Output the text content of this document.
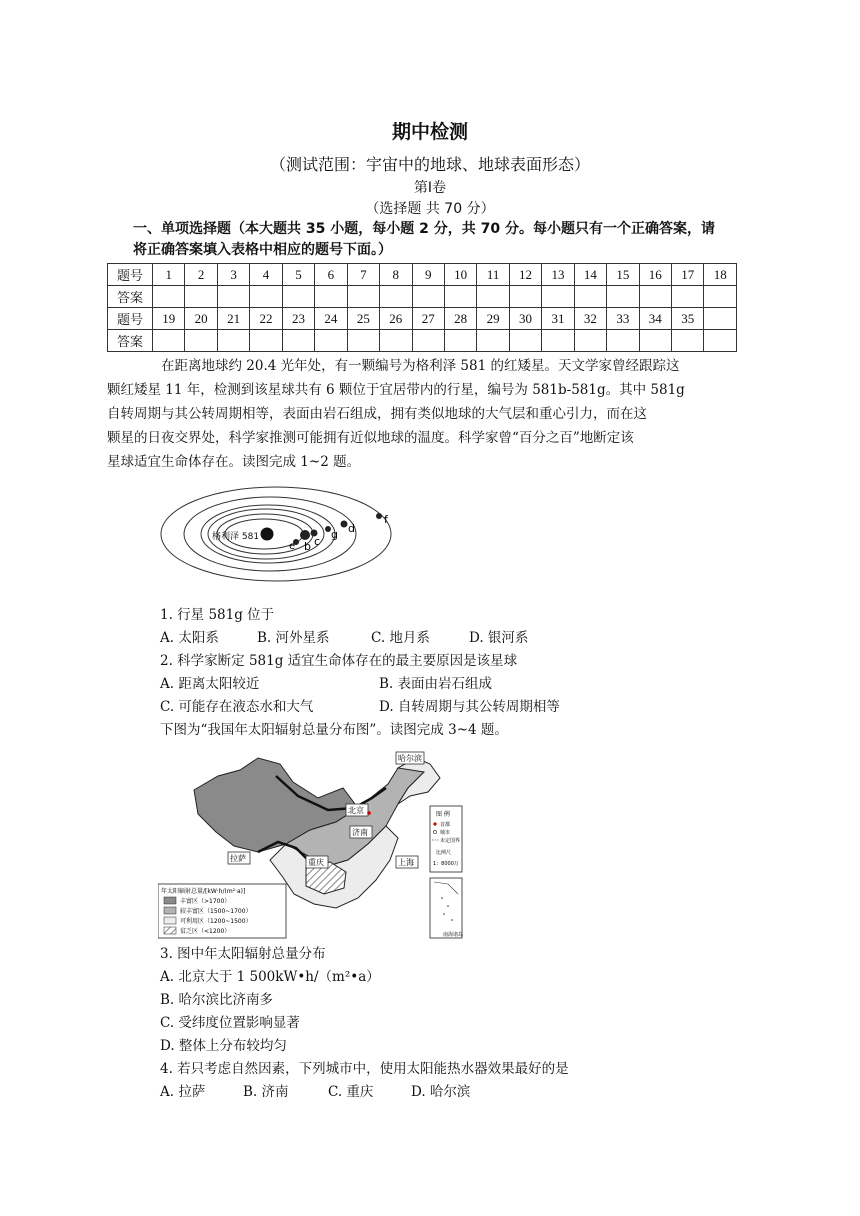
期中检测
（测试范围：宇宙中的地球、地球表面形态）
第Ⅰ卷
（选择题 共 70 分）
一、单项选择题（本大题共 35 小题，每小题 2 分，共 70 分。每小题只有一个正确答案，请
将正确答案填入表格中相应的题号下面。）
题号	1	2	3	4	5	6	7	8	9	10	11	12	13	14	15	16	17	18
答案																		
题号	19	20	21	22	23	24	25	26	27	28	29	30	31	32	33	34	35	
答案																		
在距离地球约 20.4 光年处，有一颗编号为格利泽 581 的红矮星。天文学家曾经跟踪这
颗红矮星 11 年，检测到该星球共有 6 颗位于宜居带内的行星，编号为 581b-581g。其中 581g
自转周期与其公转周期相等，表面由岩石组成，拥有类似地球的大气层和重心引力，而在这
颗星的日夜交界处，科学家推测可能拥有近似地球的温度。科学家曾“百分之百”地断定该
星球适宜生命体存在。读图完成 1~2 题。
格利泽 581
e b c
g d
f
1. 行星 581g 位于
A. 太阳系	B. 河外星系	C. 地月系	D. 银河系
2. 科学家断定 581g 适宜生命体存在的最主要原因是该星球
A. 距离太阳较近	B. 表面由岩石组成
C. 可能存在液态水和大气	D. 自转周期与其公转周期相等
下图为“我国年太阳辐射总量分布图”。读图完成 3~4 题。
哈尔滨
北京
济南
拉萨	重庆	上海
年太阳辐射总量/[kW·h/(m²·a)]
丰富区（>1700）
较丰富区（1500~1700）
可利用区（1200~1500）
贫乏区（<1200）
图 例
首都
城市
未定国界
比例尺
1：8000万
南海诸岛
3. 图中年太阳辐射总量分布
A. 北京大于 1 500kW•h/（m²•a）
B. 哈尔滨比济南多
C. 受纬度位置影响显著
D. 整体上分布较均匀
4. 若只考虑自然因素，下列城市中，使用太阳能热水器效果最好的是
A. 拉萨	B. 济南	C. 重庆	D. 哈尔滨
